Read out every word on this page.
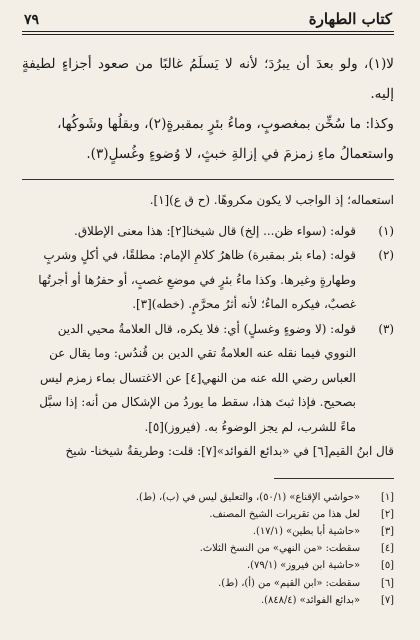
كتاب الطهارة
٧٩

لا(١)، ولو بعدَ أن يبرُدَ؛ لأنه لا يَسلَمُ غالبًا من صعود أجزاءٍ لطيفةٍ إليه.

وكذا: ما سُخِّن بمغصوبٍ، وماءُ بئرٍ بمقبرةٍ(٢)، وبقلُها وشَوكُها،

واستعمالُ ماءِ زمزمَ في إزالةِ خبثٍ، لا وُضوءٍ وغُسلٍ(٣).

استعماله؛ إذ الواجب لا يكون مكروهًا. (ح ق ع)[١].

(١)

قوله: (سواء ظن... إلخ) قال شيخنا[٢]: هذا معنى الإطلاق.

(٢)

قوله: (ماء بئر بمقبرة) ظاهرُ كلامِ الإمام: مطلقًا، في أكلٍ وشربٍ

وطهارةٍ وغيرها. وكذا ماءُ بئرٍ في موضعِ غصبٍ، أو حفرُها أو أجرتُها

غصبٌ، فيكره الماءُ؛ لأنه أثرُ محرَّمٍ. (خطه)[٣].

(٣)

قوله: (لا وضوءٍ وغسلٍ) أي: فلا يكره، قال العلامةُ محيي الدين

النووي فيما نقله عنه العلامةُ تقي الدين بن قُندُس: وما يقال عن

العباس رضي الله عنه من النهي[٤] عن الاغتسال بماء زمزم ليس

بصحيح. فإذا ثبتَ هذا، سقط ما يوردُ من الإشكال من أنه: إذا سبَّل

ماءً للشرب، لم يجز الوضوءُ به. (فيروز)[٥].

قال ابنُ القيم[٦] في «بدائع الفوائد»[٧]: قلت: وطريقةُ شيخنا- شيخ

[١]
«حواشي الإقناع» (٥٠/١)، والتعليق ليس في (ب)، (ط).
[٢]
لعل هذا من تقريرات الشيخ المصنف.
[٣]
«حاشية أبا بطين» (١٧/١).
[٤]
سقطت: «من النهي» من النسخ الثلاث.
[٥]
«حاشية ابن فيروز» (٧٩/١).
[٦]
سقطت: «ابن القيم» من (أ)، (ط).
[٧]
«بدائع الفوائد» (٨٤٨/٤).
